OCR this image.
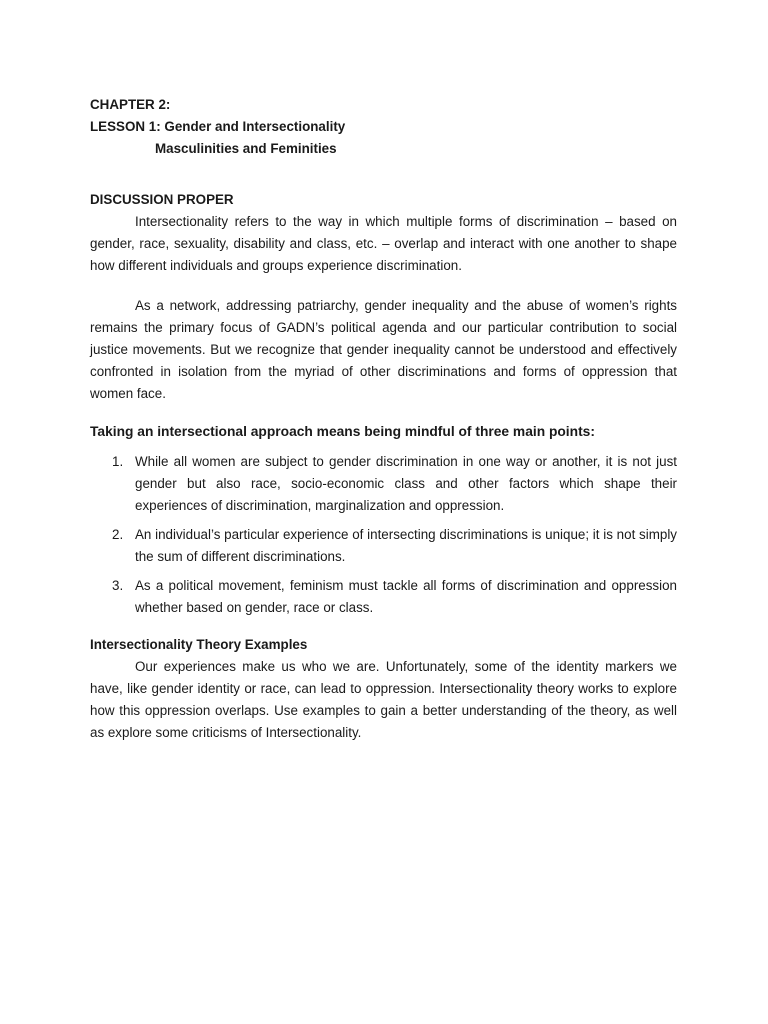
CHAPTER 2:
LESSON 1: Gender and Intersectionality
Masculinities and Feminities
DISCUSSION PROPER

Intersectionality refers to the way in which multiple forms of discrimination – based on gender, race, sexuality, disability and class, etc. – overlap and interact with one another to shape how different individuals and groups experience discrimination.

As a network, addressing patriarchy, gender inequality and the abuse of women’s rights remains the primary focus of GADN’s political agenda and our particular contribution to social justice movements. But we recognize that gender inequality cannot be understood and effectively confronted in isolation from the myriad of other discriminations and forms of oppression that women face.

Taking an intersectional approach means being mindful of three main points:
1. While all women are subject to gender discrimination in one way or another, it is not just gender but also race, socio-economic class and other factors which shape their experiences of discrimination, marginalization and oppression.
2. An individual’s particular experience of intersecting discriminations is unique; it is not simply the sum of different discriminations.
3. As a political movement, feminism must tackle all forms of discrimination and oppression whether based on gender, race or class.
Intersectionality Theory Examples

Our experiences make us who we are. Unfortunately, some of the identity markers we have, like gender identity or race, can lead to oppression. Intersectionality theory works to explore how this oppression overlaps. Use examples to gain a better understanding of the theory, as well as explore some criticisms of Intersectionality.
